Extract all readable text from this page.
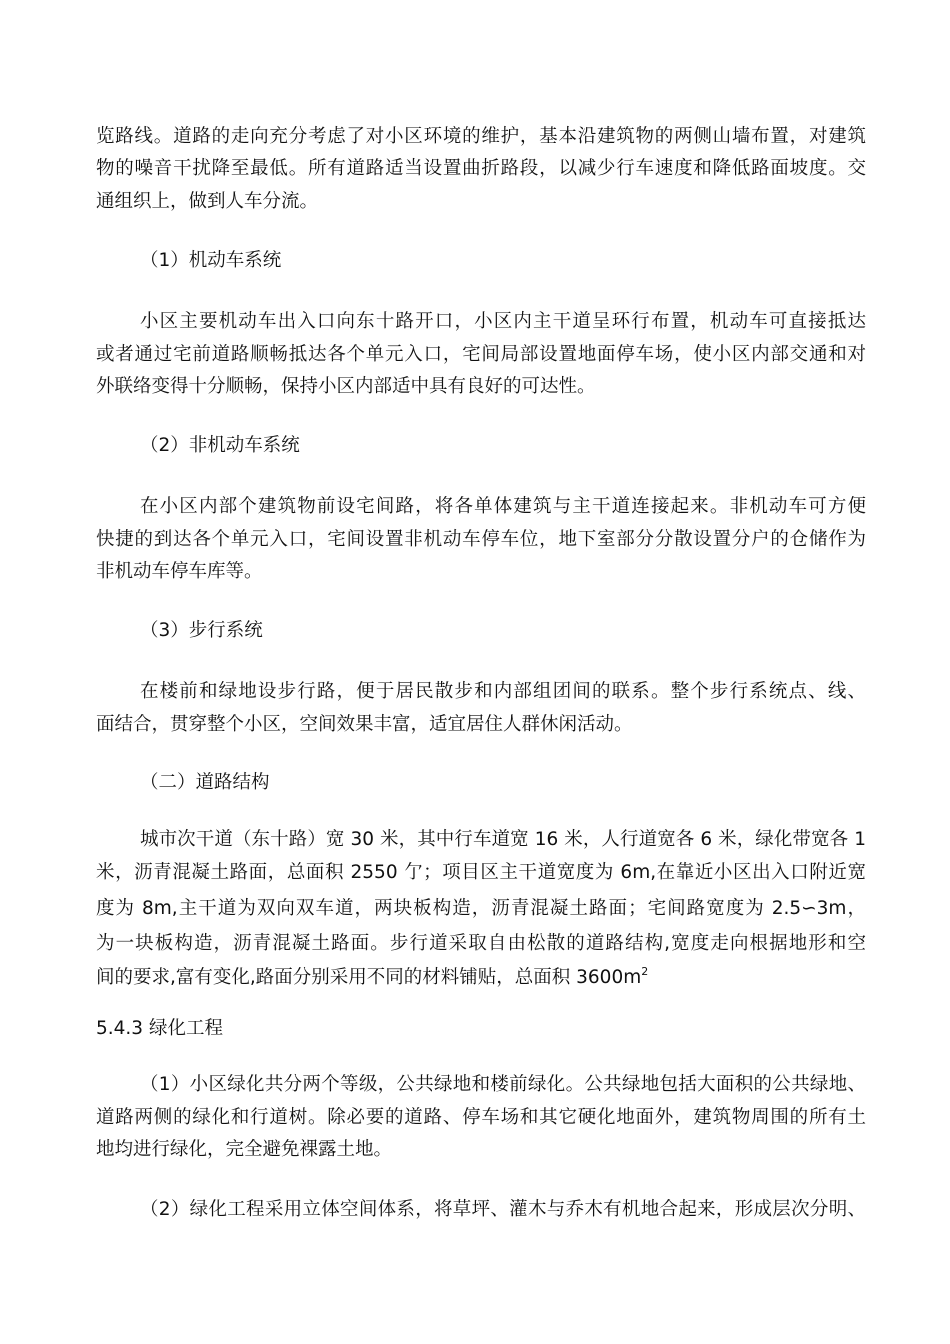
览路线。道路的走向充分考虑了对小区环境的维护，基本沿建筑物的两侧山墙布置，对建筑
物的噪音干扰降至最低。所有道路适当设置曲折路段，以减少行车速度和降低路面坡度。交
通组织上，做到人车分流。
（1）机动车系统
小区主要机动车出入口向东十路开口，小区内主干道呈环行布置，机动车可直接抵达
或者通过宅前道路顺畅抵达各个单元入口，宅间局部设置地面停车场，使小区内部交通和对
外联络变得十分顺畅，保持小区内部适中具有良好的可达性。
（2）非机动车系统
在小区内部个建筑物前设宅间路，将各单体建筑与主干道连接起来。非机动车可方便
快捷的到达各个单元入口，宅间设置非机动车停车位，地下室部分分散设置分户的仓储作为
非机动车停车库等。
（3）步行系统
在楼前和绿地设步行路，便于居民散步和内部组团间的联系。整个步行系统点、线、
面结合，贯穿整个小区，空间效果丰富，适宜居住人群休闲活动。
（二）道路结构
城市次干道（东十路）宽 30 米，其中行车道宽 16 米，人行道宽各 6 米，绿化带宽各 1
米，沥青混凝土路面，总面积 2550 亇；项目区主干道宽度为 6m,在靠近小区出入口附近宽
度为 8m,主干道为双向双车道，两块板构造，沥青混凝土路面；宅间路宽度为 2.5∽3m，
为一块板构造，沥青混凝土路面。步行道采取自由松散的道路结构,宽度走向根据地形和空
间的要求,富有变化,路面分别采用不同的材料铺贴，总面积 $3600m^2$
5.4.3 绿化工程
（1）小区绿化共分两个等级，公共绿地和楼前绿化。公共绿地包括大面积的公共绿地、
道路两侧的绿化和行道树。除必要的道路、停车场和其它硬化地面外，建筑物周围的所有土
地均进行绿化，完全避免裸露土地。
（2）绿化工程采用立体空间体系，将草坪、灌木与乔木有机地合起来，形成层次分明、
